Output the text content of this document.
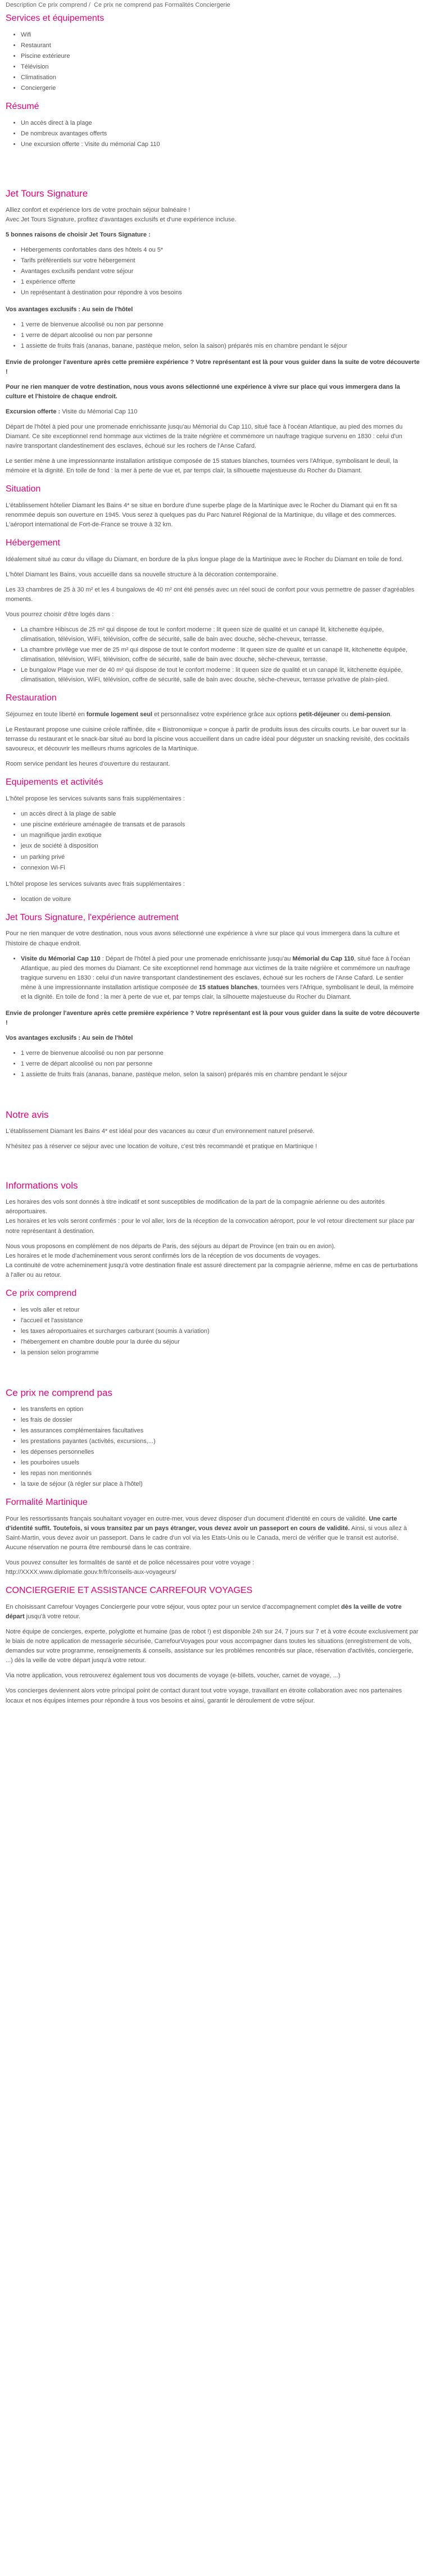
Description Ce prix comprend / Ce prix ne comprend pas Formalités Conciergerie
Services et équipements
• Wifi
• Restaurant
• Piscine extérieure
• Télévision
• Climatisation
• Conciergerie
Résumé
• Un accès direct à la plage
• De nombreux avantages offerts
• Une excursion offerte : Visite du mémorial Cap 110
Jet Tours Signature

Alliez confort et expérience lors de votre prochain séjour balnéaire !
Avec Jet Tours Signature, profitez d'avantages exclusifs et d'une expérience incluse.

5 bonnes raisons de choisir Jet Tours Signature :

• Hébergements confortables dans des hôtels 4 ou 5*
• Tarifs préférentiels sur votre hébergement
• Avantages exclusifs pendant votre séjour
• 1 expérience offerte
• Un représentant à destination pour répondre à vos besoins

Vos avantages exclusifs : Au sein de l'hôtel

• 1 verre de bienvenue alcoolisé ou non par personne
• 1 verre de départ alcoolisé ou non par personne
• 1 assiette de fruits frais (ananas, banane, pastèque melon, selon la saison) préparés mis en chambre pendant le séjour

Envie de prolonger l'aventure après cette première expérience ? Votre représentant est là pour vous guider dans la suite de votre découverte !

Pour ne rien manquer de votre destination, nous vous avons sélectionné une expérience à vivre sur place qui vous immergera dans la culture et l'histoire de chaque endroit.

Excursion offerte : Visite du Mémorial Cap 110

Départ de l'hôtel à pied pour une promenade enrichissante jusqu'au Mémorial du Cap 110, situé face à l'océan Atlantique, au pied des mornes du Diamant. Ce site exceptionnel rend hommage aux victimes de la traite négrière et commémore un naufrage tragique survenu en 1830 : celui d'un navire transportant clandestinement des esclaves, échoué sur les rochers de l'Anse Cafard.

Le sentier mène à une impressionnante installation artistique composée de 15 statues blanches, tournées vers l'Afrique, symbolisant le deuil, la mémoire et la dignité. En toile de fond : la mer à perte de vue et, par temps clair, la silhouette majestueuse du Rocher du Diamant.

Situation

L'établissement hôtelier Diamant les Bains 4* se situe en bordure d'une superbe plage de la Martinique avec le Rocher du Diamant qui en fit sa renommée depuis son ouverture en 1945. Vous serez à quelques pas du Parc Naturel Régional de la Martinique, du village et des commerces. L'aéroport international de Fort-de-France se trouve à 32 km.

Hébergement

Idéalement situé au cœur du village du Diamant, en bordure de la plus longue plage de la Martinique avec le Rocher du Diamant en toile de fond.

L'hôtel Diamant les Bains, vous accueille dans sa nouvelle structure à la décoration contemporaine.

Les 33 chambres de 25 à 30 m² et les 4 bungalows de 40 m² ont été pensés avec un réel souci de confort pour vous permettre de passer d'agréables moments.

Vous pourrez choisir d'être logés dans :

• La chambre Hibiscus de 25 m² qui dispose de tout le confort moderne : lit queen size de qualité et un canapé lit, kitchenette équipée, climatisation, télévision, WiFi, télévision, coffre de sécurité, salle de bain avec douche, sèche-cheveux, terrasse.
• La chambre privilège vue mer de 25 m² qui dispose de tout le confort moderne : lit queen size de qualité et un canapé lit, kitchenette équipée, climatisation, télévision, WiFi, télévision, coffre de sécurité, salle de bain avec douche, sèche-cheveux, terrasse.
• Le bungalow Plage vue mer de 40 m² qui dispose de tout le confort moderne : lit queen size de qualité et un canapé lit, kitchenette équipée, climatisation, télévision, WiFi, télévision, coffre de sécurité, salle de bain avec douche, sèche-cheveux, terrasse privative de plain-pied.
Restauration

Séjournez en toute liberté en formule logement seul et personnalisez votre expérience grâce aux options petit-déjeuner ou demi-pension.

Le Restaurant propose une cuisine créole raffinée, dite « Bistronomique » conçue à partir de produits issus des circuits courts. Le bar ouvert sur la terrasse du restaurant et le snack-bar situé au bord la piscine vous accueillent dans un cadre idéal pour déguster un snacking revisité, des cocktails savoureux, et découvrir les meilleurs rhums agricoles de la Martinique.

Room service pendant les heures d'ouverture du restaurant.

Equipements et activités

L'hôtel propose les services suivants sans frais supplémentaires :

• un accès direct à la plage de sable
• une piscine extérieure aménagée de transats et de parasols
• un magnifique jardin exotique
• jeux de société à disposition
• un parking privé
• connexion Wi-Fi

L'hôtel propose les services suivants avec frais supplémentaires :

• location de voiture
Jet Tours Signature, l'expérience autrement

Pour ne rien manquer de votre destination, nous vous avons sélectionné une expérience à vivre sur place qui vous immergera dans la culture et l'histoire de chaque endroit.

• Visite du Mémorial Cap 110 : Départ de l'hôtel à pied pour une promenade enrichissante jusqu'au Mémorial du Cap 110, situé face à l'océan Atlantique, au pied des mornes du Diamant. Ce site exceptionnel rend hommage aux victimes de la traite négrière et commémore un naufrage tragique survenu en 1830 : celui d'un navire transportant clandestinement des esclaves, échoué sur les rochers de l'Anse Cafard. Le sentier mène à une impressionnante installation artistique composée de 15 statues blanches, tournées vers l'Afrique, symbolisant le deuil, la mémoire et la dignité. En toile de fond : la mer à perte de vue et, par temps clair, la silhouette majestueuse du Rocher du Diamant.

Envie de prolonger l'aventure après cette première expérience ? Votre représentant est là pour vous guider dans la suite de votre découverte !

Vos avantages exclusifs : Au sein de l'hôtel

• 1 verre de bienvenue alcoolisé ou non par personne
• 1 verre de départ alcoolisé ou non par personne
• 1 assiette de fruits frais (ananas, banane, pastèque melon, selon la saison) préparés mis en chambre pendant le séjour
Notre avis

L'établissement Diamant les Bains 4* est idéal pour des vacances au cœur d'un environnement naturel préservé.

N'hésitez pas à réserver ce séjour avec une location de voiture, c'est très recommandé et pratique en Martinique !

Informations vols

Les horaires des vols sont donnés à titre indicatif et sont susceptibles de modification de la part de la compagnie aérienne ou des autorités aéroportuaires.
Les horaires et les vols seront confirmés : pour le vol aller, lors de la réception de la convocation aéroport, pour le vol retour directement sur place par notre représentant à destination.

Nous vous proposons en complément de nos départs de Paris, des séjours au départ de Province (en train ou en avion).
Les horaires et le mode d'acheminement vous seront confirmés lors de la réception de vos documents de voyages.
La continuité de votre acheminement jusqu'à votre destination finale est assuré directement par la compagnie aérienne, même en cas de perturbations à l'aller ou au retour.

Ce prix comprend
• les vols aller et retour
• l'accueil et l'assistance
• les taxes aéroportuaires et surcharges carburant (soumis à variation)
• l'hébergement en chambre double pour la durée du séjour
• la pension selon programme
Ce prix ne comprend pas
• les transferts en option
• les frais de dossier
• les assurances complémentaires facultatives
• les prestations payantes (activités, excursions,...)
• les dépenses personnelles
• les pourboires usuels
• les repas non mentionnés
• la taxe de séjour (à régler sur place à l'hôtel)
Formalité Martinique

Pour les ressortissants français souhaitant voyager en outre-mer, vous devez disposer d'un document d'identité en cours de validité. Une carte d'identité suffit. Toutefois, si vous transitez par un pays étranger, vous devez avoir un passeport en cours de validité. Ainsi, si vous allez à Saint-Martin, vous devez avoir un passeport. Dans le cadre d'un vol via les Etats-Unis ou le Canada, merci de vérifier que le transit est autorisé. Aucune réservation ne pourra être remboursé dans le cas contraire.

Vous pouvez consulter les formalités de santé et de police nécessaires pour votre voyage :
http://XXXX.www.diplomatie.gouv.fr/fr/conseils-aux-voyageurs/

CONCIERGERIE ET ASSISTANCE CARREFOUR VOYAGES

En choisissant Carrefour Voyages Conciergerie pour votre séjour, vous optez pour un service d'accompagnement complet dès la veille de votre départ jusqu'à votre retour.

Notre équipe de concierges, experte, polyglotte et humaine (pas de robot !) est disponible 24h sur 24, 7 jours sur 7 et à votre écoute exclusivement par le biais de notre application de messagerie sécurisée, CarrefourVoyages pour vous accompagner dans toutes les situations (enregistrement de vols, demandes sur votre programme, renseignements & conseils, assistance sur les problèmes rencontrés sur place, réservation d'activités, conciergerie, ...) dès la veille de votre départ jusqu'à votre retour.

Via notre application, vous retrouverez également tous vos documents de voyage (e-billets, voucher, carnet de voyage, ...)

Vos concierges deviennent alors votre principal point de contact durant tout votre voyage, travaillant en étroite collaboration avec nos partenaires locaux et nos équipes internes pour répondre à tous vos besoins et ainsi, garantir le déroulement de votre séjour.
